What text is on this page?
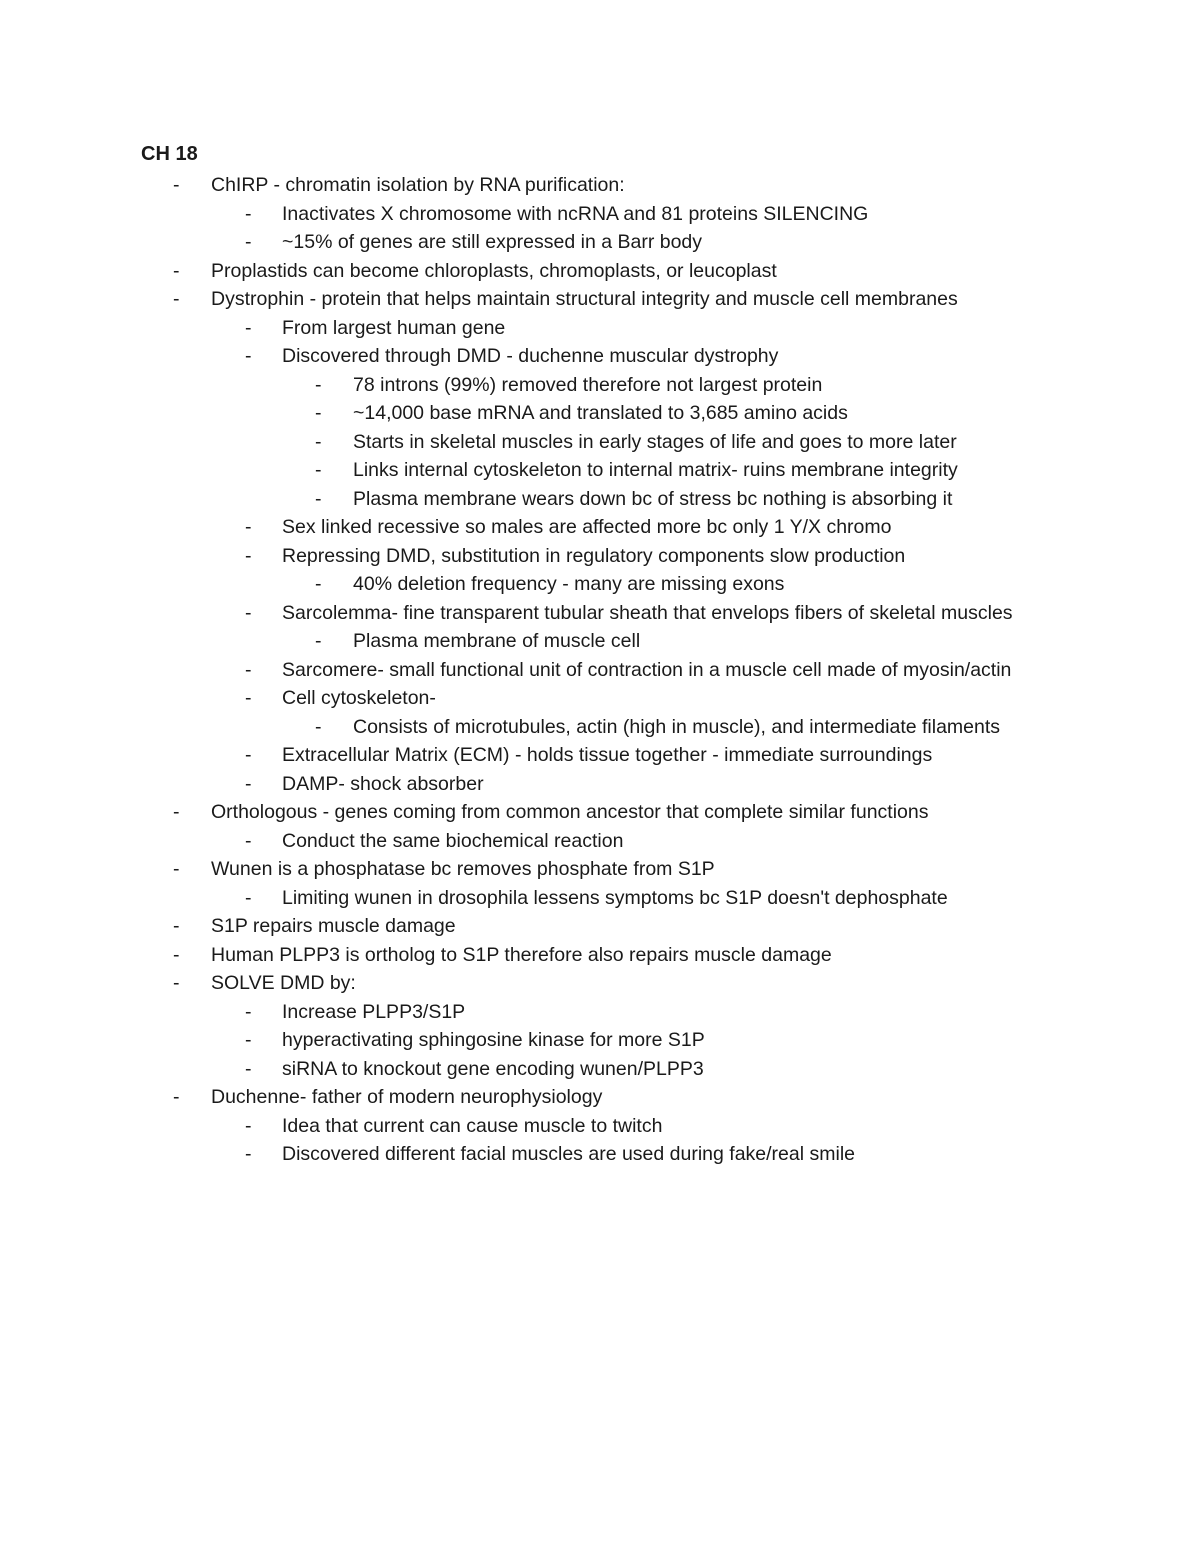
CH 18
- ChIRP - chromatin isolation by RNA purification:
- Inactivates X chromosome with ncRNA and 81 proteins SILENCING
- ~15% of genes are still expressed in a Barr body
- Proplastids can become chloroplasts, chromoplasts, or leucoplast
- Dystrophin - protein that helps maintain structural integrity and muscle cell membranes
- From largest human gene
- Discovered through DMD - duchenne muscular dystrophy
- 78 introns (99%) removed therefore not largest protein
- ~14,000 base mRNA and translated to 3,685 amino acids
- Starts in skeletal muscles in early stages of life and goes to more later
- Links internal cytoskeleton to internal matrix- ruins membrane integrity
- Plasma membrane wears down bc of stress bc nothing is absorbing it
- Sex linked recessive so males are affected more bc only 1 Y/X chromo
- Repressing DMD, substitution in regulatory components slow production
- 40% deletion frequency - many are missing exons
- Sarcolemma- fine transparent tubular sheath that envelops fibers of skeletal muscles
- Plasma membrane of muscle cell
- Sarcomere- small functional unit of contraction in a muscle cell made of myosin/actin
- Cell cytoskeleton-
- Consists of microtubules, actin (high in muscle), and intermediate filaments
- Extracellular Matrix (ECM) - holds tissue together - immediate surroundings
- DAMP- shock absorber
- Orthologous - genes coming from common ancestor that complete similar functions
- Conduct the same biochemical reaction
- Wunen is a phosphatase bc removes phosphate from S1P
- Limiting wunen in drosophila lessens symptoms bc S1P doesn't dephosphate
- S1P repairs muscle damage
- Human PLPP3 is ortholog to S1P therefore also repairs muscle damage
- SOLVE DMD by:
- Increase PLPP3/S1P
- hyperactivating sphingosine kinase for more S1P
- siRNA to knockout gene encoding wunen/PLPP3
- Duchenne- father of modern neurophysiology
- Idea that current can cause muscle to twitch
- Discovered different facial muscles are used during fake/real smile
